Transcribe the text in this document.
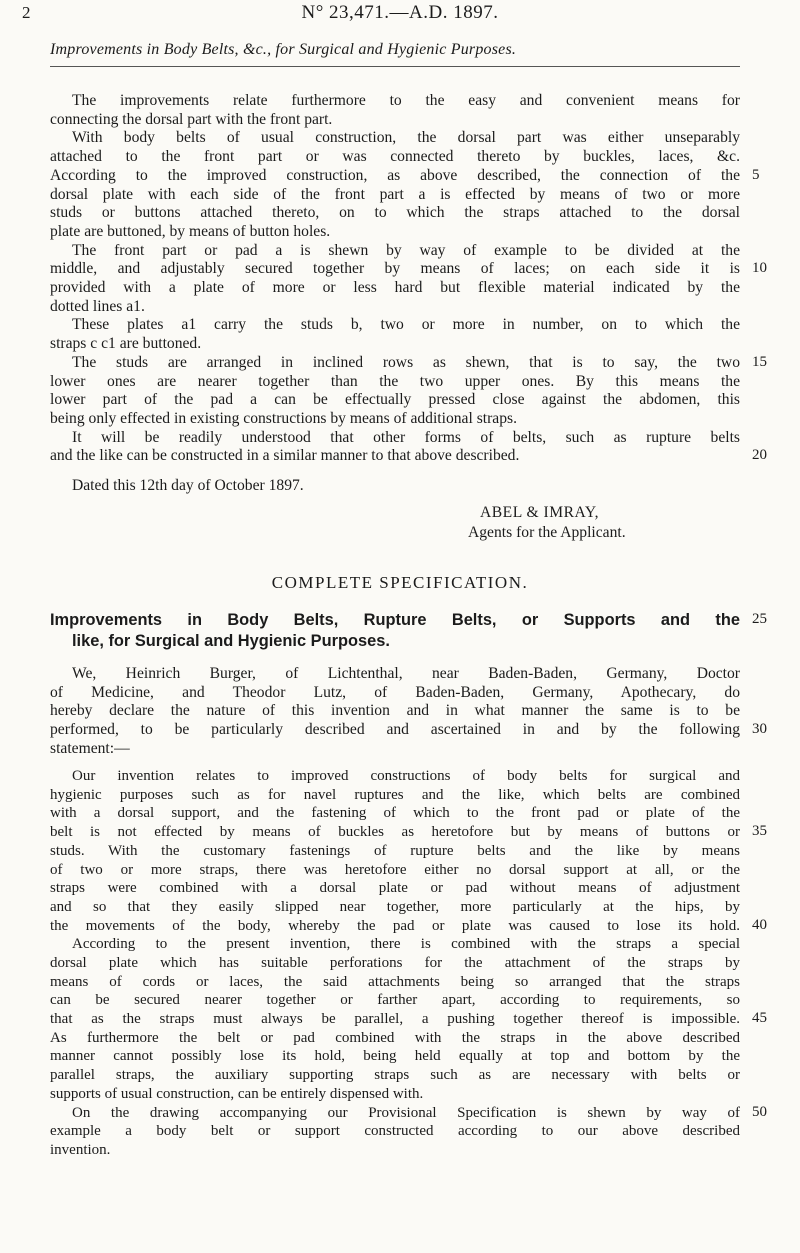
2	N° 23,471.—A.D. 1897.
Improvements in Body Belts, &c., for Surgical and Hygienic Purposes.
The improvements relate furthermore to the easy and convenient means for
connecting the dorsal part with the front part.
With body belts of usual construction, the dorsal part was either unseparably
attached to the front part or was connected thereto by buckles, laces, &c.
According to the improved construction, as above described, the connection of the
dorsal plate with each side of the front part a is effected by means of two or more
studs or buttons attached thereto, on to which the straps attached to the dorsal
plate are buttoned, by means of button holes.
The front part or pad a is shewn by way of example to be divided at the
middle, and adjustably secured together by means of laces; on each side it is
provided with a plate of more or less hard but flexible material indicated by the
dotted lines a1.
These plates a1 carry the studs b, two or more in number, on to which the
straps c c1 are buttoned.
The studs are arranged in inclined rows as shewn, that is to say, the two
lower ones are nearer together than the two upper ones. By this means the
lower part of the pad a can be effectually pressed close against the abdomen, this
being only effected in existing constructions by means of additional straps.
It will be readily understood that other forms of belts, such as rupture belts
and the like can be constructed in a similar manner to that above described.
Dated this 12th day of October 1897.
ABEL & IMRAY,
Agents for the Applicant.
COMPLETE SPECIFICATION.
Improvements in Body Belts, Rupture Belts, or Supports and the
like, for Surgical and Hygienic Purposes.
We, Heinrich Burger, of Lichtenthal, near Baden-Baden, Germany, Doctor
of Medicine, and Theodor Lutz, of Baden-Baden, Germany, Apothecary, do
hereby declare the nature of this invention and in what manner the same is to be
performed, to be particularly described and ascertained in and by the following
statement:—
Our invention relates to improved constructions of body belts for surgical and
hygienic purposes such as for navel ruptures and the like, which belts are combined
with a dorsal support, and the fastening of which to the front pad or plate of the
belt is not effected by means of buckles as heretofore but by means of buttons or
studs. With the customary fastenings of rupture belts and the like by means
of two or more straps, there was heretofore either no dorsal support at all, or the
straps were combined with a dorsal plate or pad without means of adjustment
and so that they easily slipped near together, more particularly at the hips, by
the movements of the body, whereby the pad or plate was caused to lose its hold.
According to the present invention, there is combined with the straps a special
dorsal plate which has suitable perforations for the attachment of the straps by
means of cords or laces, the said attachments being so arranged that the straps
can be secured nearer together or farther apart, according to requirements, so
that as the straps must always be parallel, a pushing together thereof is impossible.
As furthermore the belt or pad combined with the straps in the above described
manner cannot possibly lose its hold, being held equally at top and bottom by the
parallel straps, the auxiliary supporting straps such as are necessary with belts or
supports of usual construction, can be entirely dispensed with.
On the drawing accompanying our Provisional Specification is shewn by way of
example a body belt or support constructed according to our above described
invention.
5
10
15
20
25
30
35
40
45
50
